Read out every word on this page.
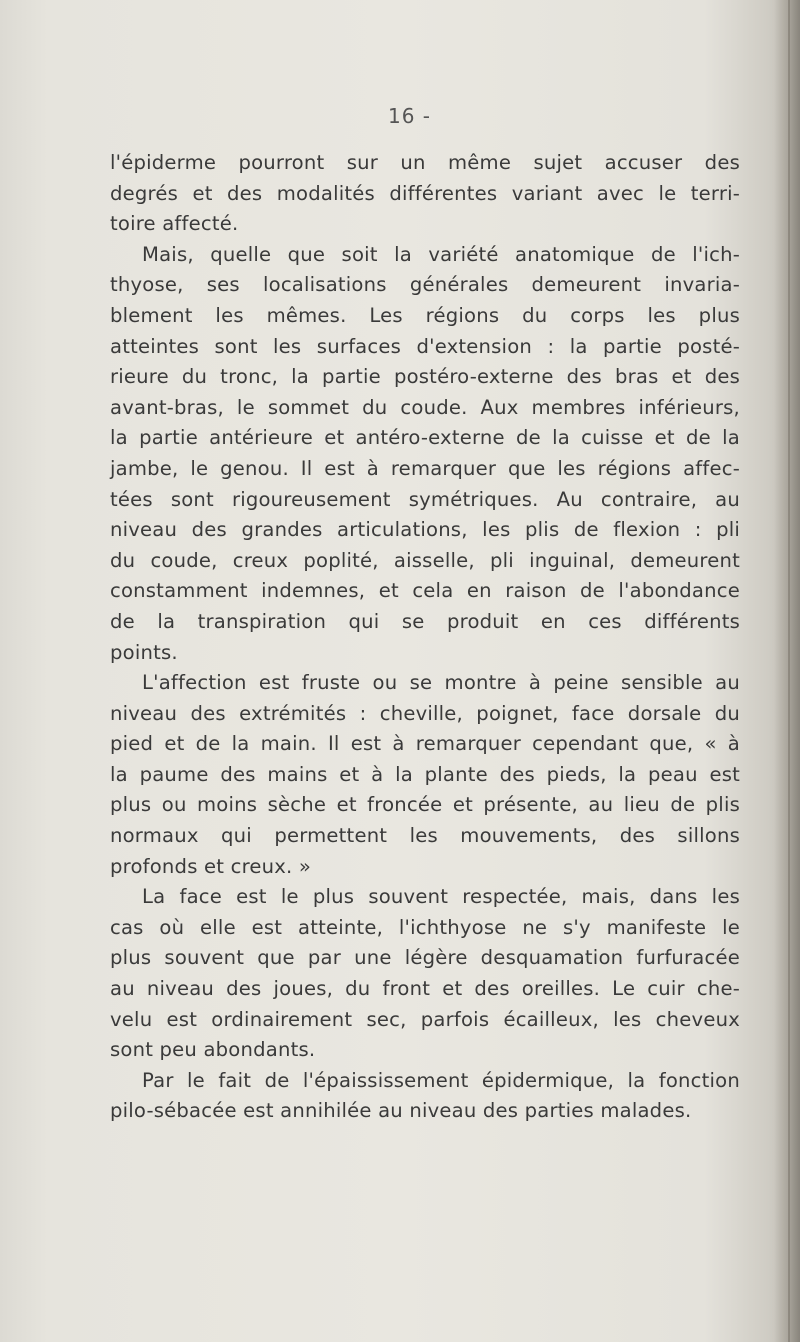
16 -
l'épiderme pourront sur un même sujet accuser des
degrés et des modalités différentes variant avec le terri-
toire affecté.
Mais, quelle que soit la variété anatomique de l'ich-
thyose, ses localisations générales demeurent invaria-
blement les mêmes. Les régions du corps les plus
atteintes sont les surfaces d'extension : la partie posté-
rieure du tronc, la partie postéro-externe des bras et des
avant-bras, le sommet du coude. Aux membres inférieurs,
la partie antérieure et antéro-externe de la cuisse et de la
jambe, le genou. Il est à remarquer que les régions affec-
tées sont rigoureusement symétriques. Au contraire, au
niveau des grandes articulations, les plis de flexion : pli
du coude, creux poplité, aisselle, pli inguinal, demeurent
constamment indemnes, et cela en raison de l'abondance
de la transpiration qui se produit en ces différents
points.
L'affection est fruste ou se montre à peine sensible au
niveau des extrémités : cheville, poignet, face dorsale du
pied et de la main. Il est à remarquer cependant que, « à
la paume des mains et à la plante des pieds, la peau est
plus ou moins sèche et froncée et présente, au lieu de plis
normaux qui permettent les mouvements, des sillons
profonds et creux. »
La face est le plus souvent respectée, mais, dans les
cas où elle est atteinte, l'ichthyose ne s'y manifeste le
plus souvent que par une légère desquamation furfuracée
au niveau des joues, du front et des oreilles. Le cuir che-
velu est ordinairement sec, parfois écailleux, les cheveux
sont peu abondants.
Par le fait de l'épaississement épidermique, la fonction
pilo-sébacée est annihilée au niveau des parties malades.
